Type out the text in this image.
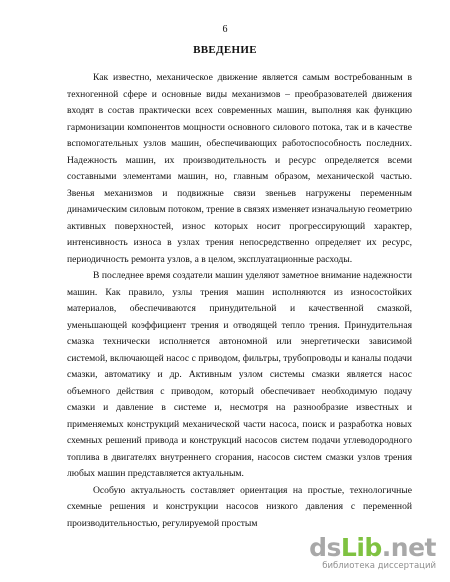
6
ВВЕДЕНИЕ

Как известно, механическое движение является самым востребованным в техногенной сфере и основные виды механизмов – преобразователей движения входят в состав практически всех современных машин, выполняя как функцию гармонизации компонентов мощности основного силового потока, так и в качестве вспомогательных узлов машин, обеспечивающих работоспособность последних. Надежность машин, их производительность и ресурс определяется всеми составными элементами машин, но, главным образом, механической частью. Звенья механизмов и подвижные связи звеньев нагружены переменным динамическим силовым потоком, трение в связях изменяет изначальную геометрию активных поверхностей, износ которых носит прогрессирующий характер, интенсивность износа в узлах трения непосредственно определяет их ресурс, периодичность ремонта узлов, а в целом, эксплуатационные расходы.

В последнее время создатели машин уделяют заметное внимание надежности машин. Как правило, узлы трения машин исполняются из износостойких материалов, обеспечиваются принудительной и качественной смазкой, уменьшающей коэффициент трения и отводящей тепло трения. Принудительная смазка технически исполняется автономной или энергетически зависимой системой, включающей насос с приводом, фильтры, трубопроводы и каналы подачи смазки, автоматику и др. Активным узлом системы смазки является насос объемного действия с приводом, который обеспечивает необходимую подачу смазки и давление в системе и, несмотря на разнообразие известных и применяемых конструкций механической части насоса, поиск и разработка новых схемных решений привода и конструкций насосов систем подачи углеводородного топлива в двигателях внутреннего сгорания, насосов систем смазки узлов трения любых машин представляется актуальным.

Особую актуальность составляет ориентация на простые, технологичные схемные решения и конструкции насосов низкого давления с переменной производительностью, регулируемой простым

dsLib.net
библиотека диссертаций
